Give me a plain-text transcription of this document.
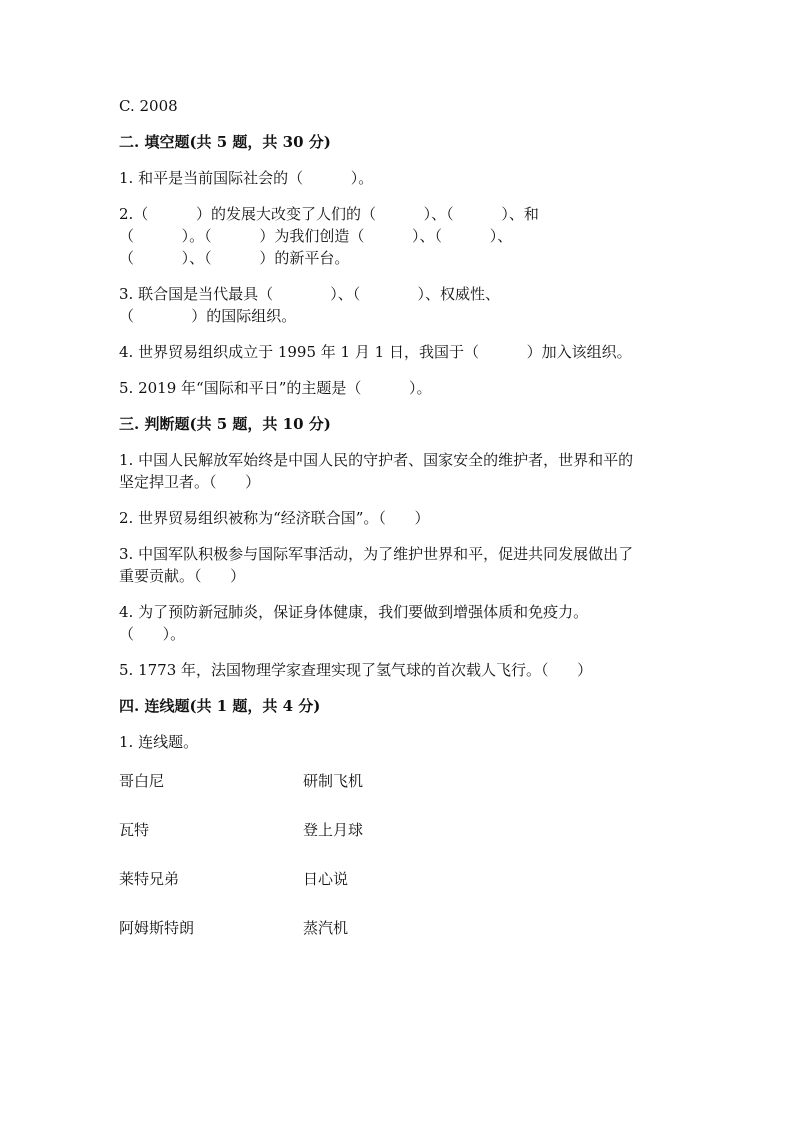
C. 2008
二. 填空题(共 5 题，共 30 分)
1. 和平是当前国际社会的（          ）。
2.（          ）的发展大改变了人们的（          ）、（          ）、和
（          ）。（          ）为我们创造（          ）、（          ）、
（          ）、（          ）的新平台。
3. 联合国是当代最具（            ）、（            ）、权威性、
（            ）的国际组织。
4. 世界贸易组织成立于 1995 年 1 月 1 日，我国于（          ）加入该组织。
5. 2019 年“国际和平日”的主题是（          ）。
三. 判断题(共 5 题，共 10 分)
1. 中国人民解放军始终是中国人民的守护者、国家安全的维护者，世界和平的
坚定捍卫者。（      ）
2. 世界贸易组织被称为“经济联合国”。（      ）
3. 中国军队积极参与国际军事活动，为了维护世界和平，促进共同发展做出了
重要贡献。（      ）
4. 为了预防新冠肺炎，保证身体健康，我们要做到增强体质和免疫力。
（      ）。
5. 1773 年，法国物理学家查理实现了氢气球的首次载人飞行。（      ）
四. 连线题(共 1 题，共 4 分)
1. 连线题。
哥白尼	研制飞机
瓦特	登上月球
莱特兄弟	日心说
阿姆斯特朗	蒸汽机
